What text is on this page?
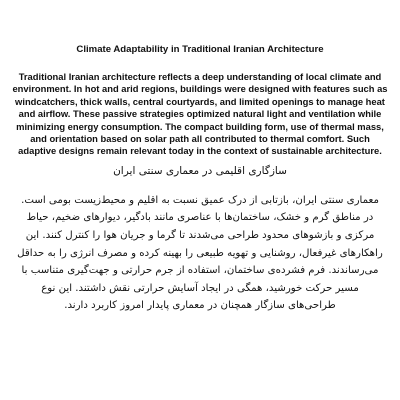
Climate Adaptability in Traditional Iranian Architecture
Traditional Iranian architecture reflects a deep understanding of local climate and environment. In hot and arid regions, buildings were designed with features such as windcatchers, thick walls, central courtyards, and limited openings to manage heat and airflow. These passive strategies optimized natural light and ventilation while minimizing energy consumption. The compact building form, use of thermal mass, and orientation based on solar path all contributed to thermal comfort. Such adaptive designs remain relevant today in the context of sustainable architecture.
سازگاری اقلیمی در معماری سنتی ایران
معماری سنتی ایران، بازتابی از درک عمیق نسبت به اقلیم و محیط‌زیست بومی است. در مناطق گرم و خشک، ساختمان‌ها با عناصری مانند بادگیر، دیوارهای ضخیم، حیاط مرکزی و بازشوهای محدود طراحی می‌شدند تا گرما و جریان هوا را کنترل کنند. این راهکارهای غیرفعال، روشنایی و تهویه طبیعی را بهینه کرده و مصرف انرژی را به حداقل می‌رساندند. فرم فشرده‌ی ساختمان، استفاده از جرم حرارتی و جهت‌گیری متناسب با مسیر حرکت خورشید، همگی در ایجاد آسایش حرارتی نقش داشتند. این نوع طراحی‌های سازگار همچنان در معماری پایدار امروز کاربرد دارند.
